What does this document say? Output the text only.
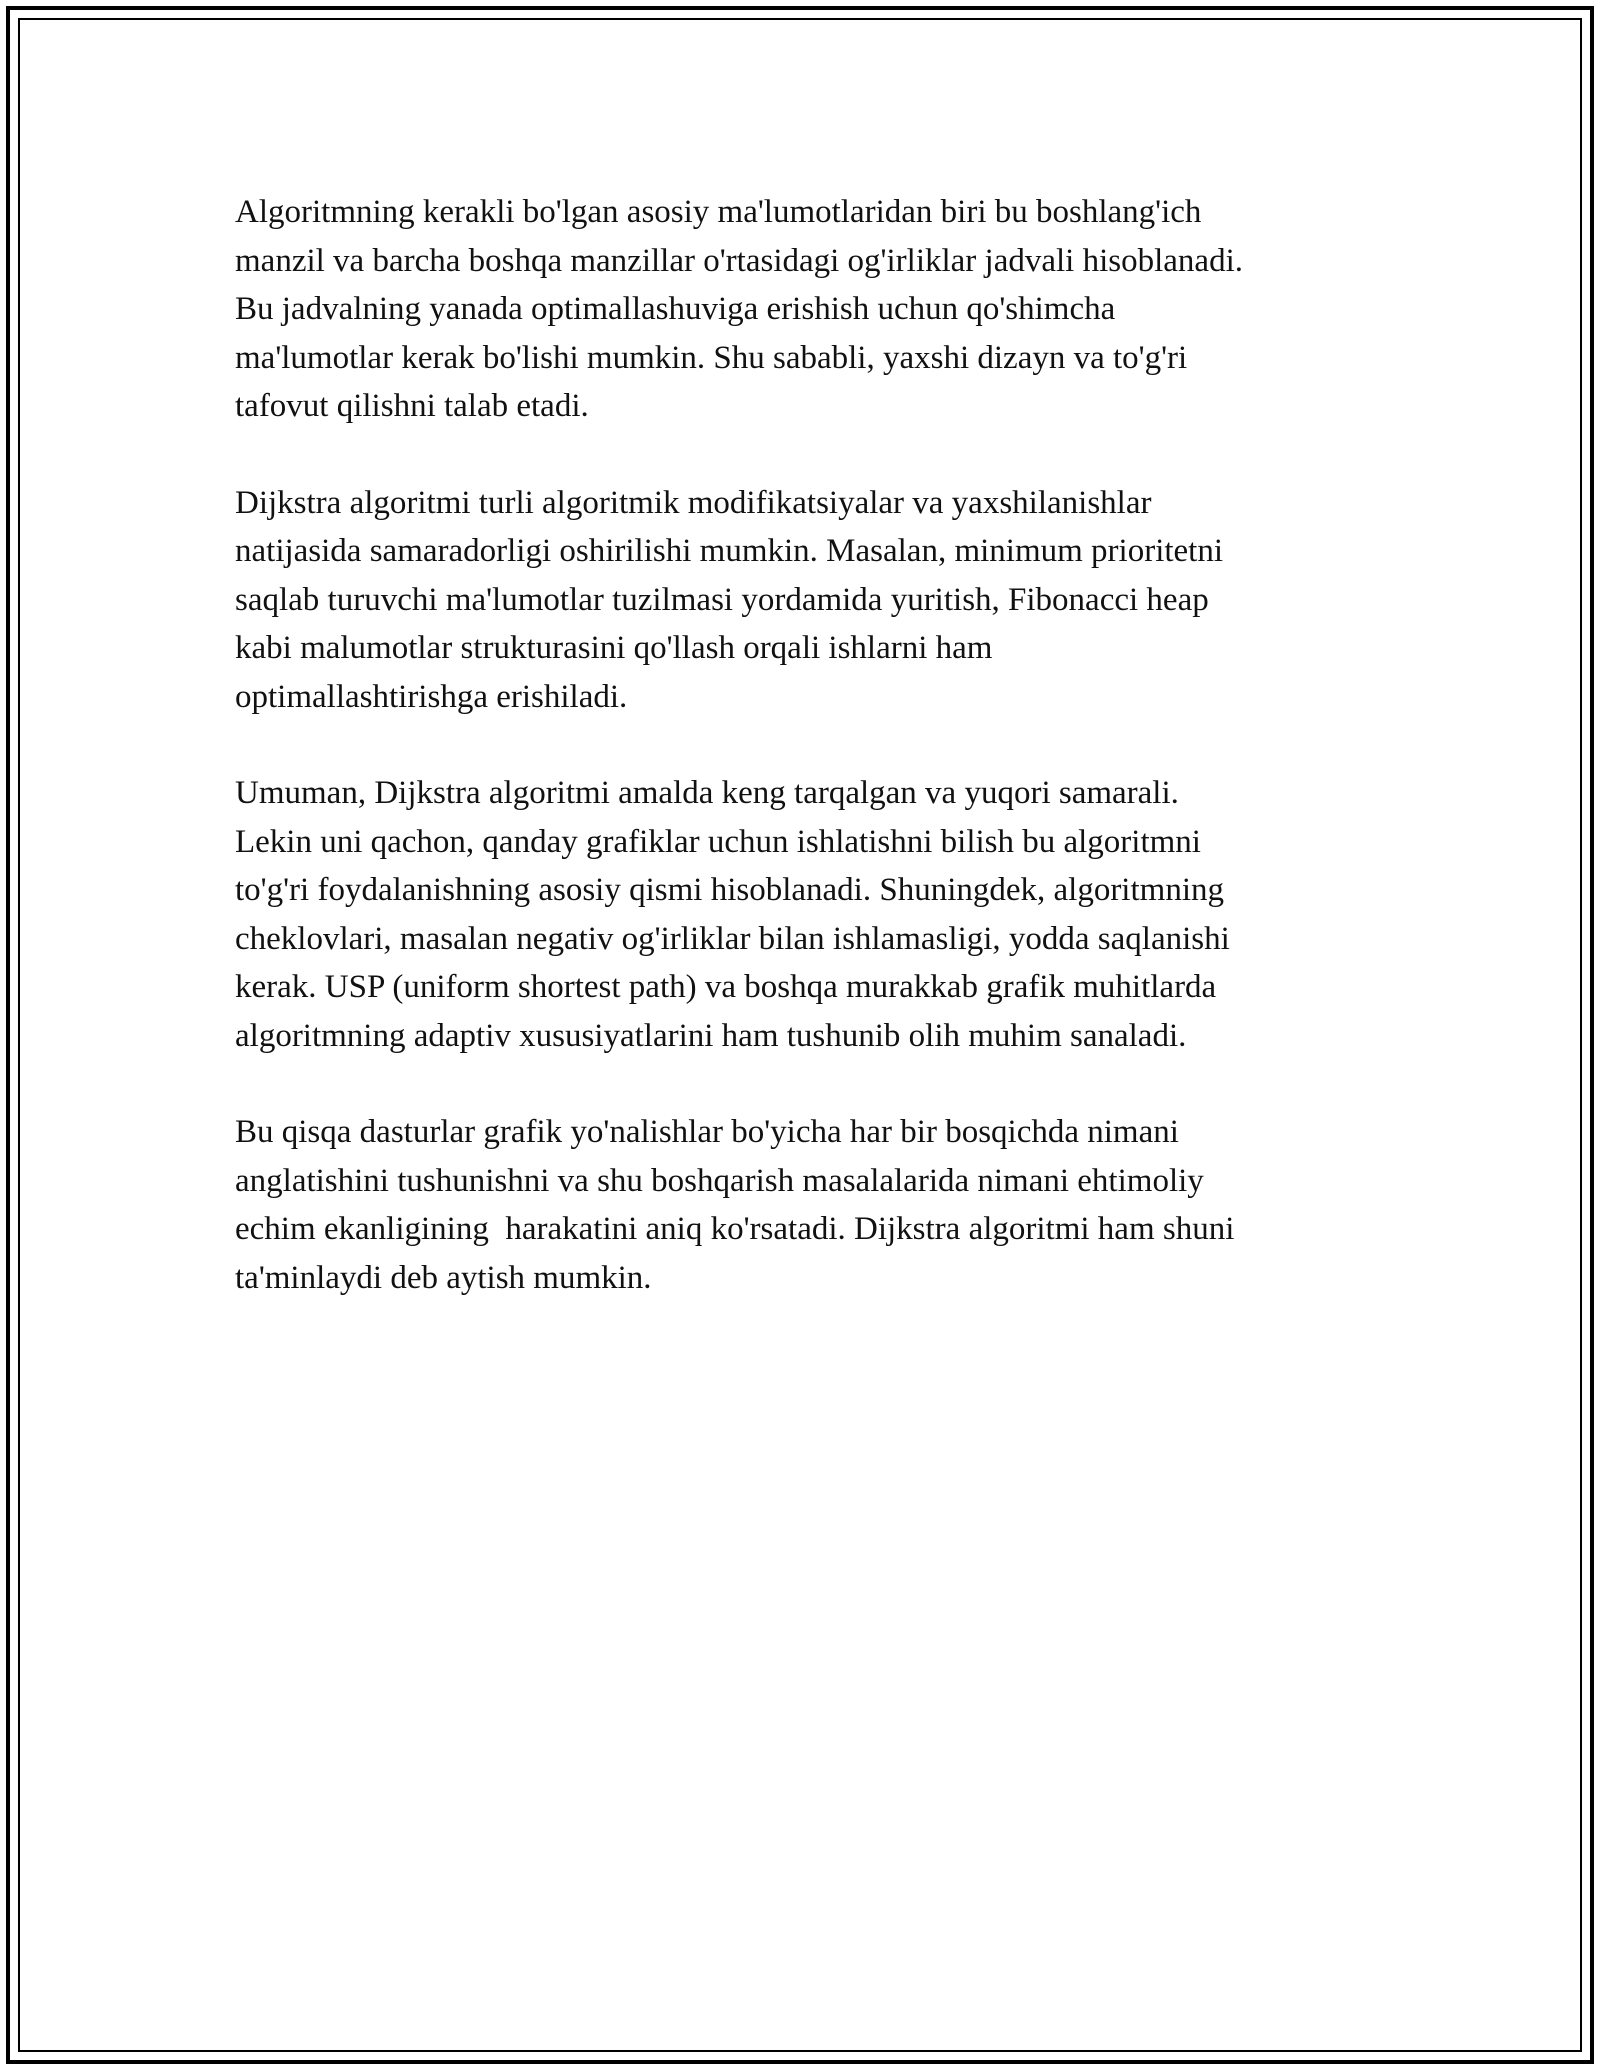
Algoritmning kerakli bo'lgan asosiy ma'lumotlaridan biri bu boshlang'ich
manzil va barcha boshqa manzillar o'rtasidagi og'irliklar jadvali hisoblanadi.
Bu jadvalning yanada optimallashuviga erishish uchun qo'shimcha
ma'lumotlar kerak bo'lishi mumkin. Shu sababli, yaxshi dizayn va to'g'ri
tafovut qilishni talab etadi.
Dijkstra algoritmi turli algoritmik modifikatsiyalar va yaxshilanishlar
natijasida samaradorligi oshirilishi mumkin. Masalan, minimum prioritetni
saqlab turuvchi ma'lumotlar tuzilmasi yordamida yuritish, Fibonacci heap
kabi malumotlar strukturasini qo'llash orqali ishlarni ham
optimallashtirishga erishiladi.
Umuman, Dijkstra algoritmi amalda keng tarqalgan va yuqori samarali.
Lekin uni qachon, qanday grafiklar uchun ishlatishni bilish bu algoritmni
to'g'ri foydalanishning asosiy qismi hisoblanadi. Shuningdek, algoritmning
cheklovlari, masalan negativ og'irliklar bilan ishlamasligi, yodda saqlanishi
kerak. USP (uniform shortest path) va boshqa murakkab grafik muhitlarda
algoritmning adaptiv xususiyatlarini ham tushunib olih muhim sanaladi.
Bu qisqa dasturlar grafik yo'nalishlar bo'yicha har bir bosqichda nimani
anglatishini tushunishni va shu boshqarish masalalarida nimani ehtimoliy
echim ekanligining  harakatini aniq ko'rsatadi. Dijkstra algoritmi ham shuni
ta'minlaydi deb aytish mumkin.
